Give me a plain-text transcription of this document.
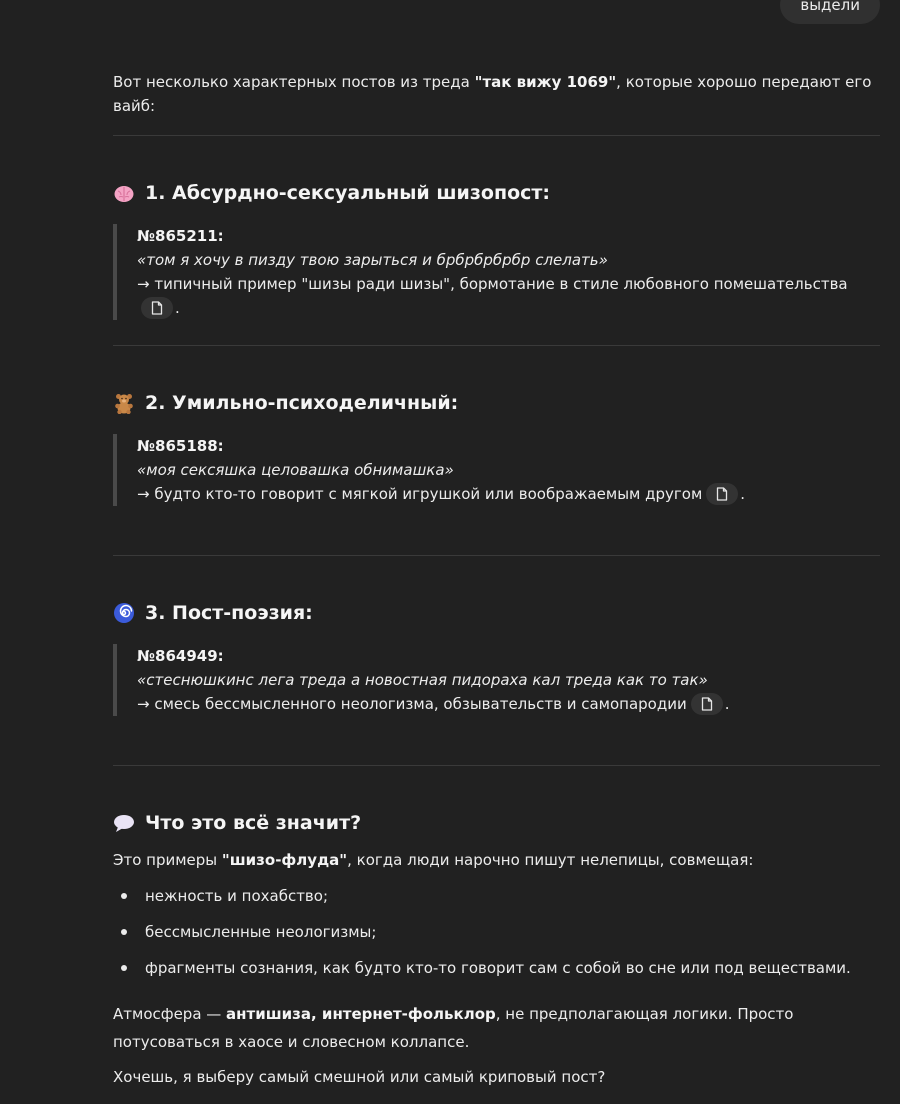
выдели
Вот несколько характерных постов из треда "так вижу 1069", которые хорошо передают его вайб:
1. Абсурдно-сексуальный шизопост:
№865211:
«том я хочу в пизду твою зарыться и брбрбрбрбр слелать»
→ типичный пример "шизы ради шизы", бормотание в стиле любовного помешательства
.
2. Умильно-психоделичный:
№865188:
«моя сексяшка целовашка обнимашка»
→ будто кто-то говорит с мягкой игрушкой или воображаемым другом	.
3. Пост-поэзия:
№864949:
«стеснюшкинс лега треда а новостная пидораха кал треда как то так»
→ смесь бессмысленного неологизма, обзывательств и самопародии	.
Что это всё значит?
Это примеры "шизо-флуда", когда люди нарочно пишут нелепицы, совмещая:
нежность и похабство;
бессмысленные неологизмы;
фрагменты сознания, как будто кто-то говорит сам с собой во сне или под веществами.
Атмосфера — антишиза, интернет-фольклор, не предполагающая логики. Просто потусоваться в хаосе и словесном коллапсе.
Хочешь, я выберу самый смешной или самый криповый пост?
